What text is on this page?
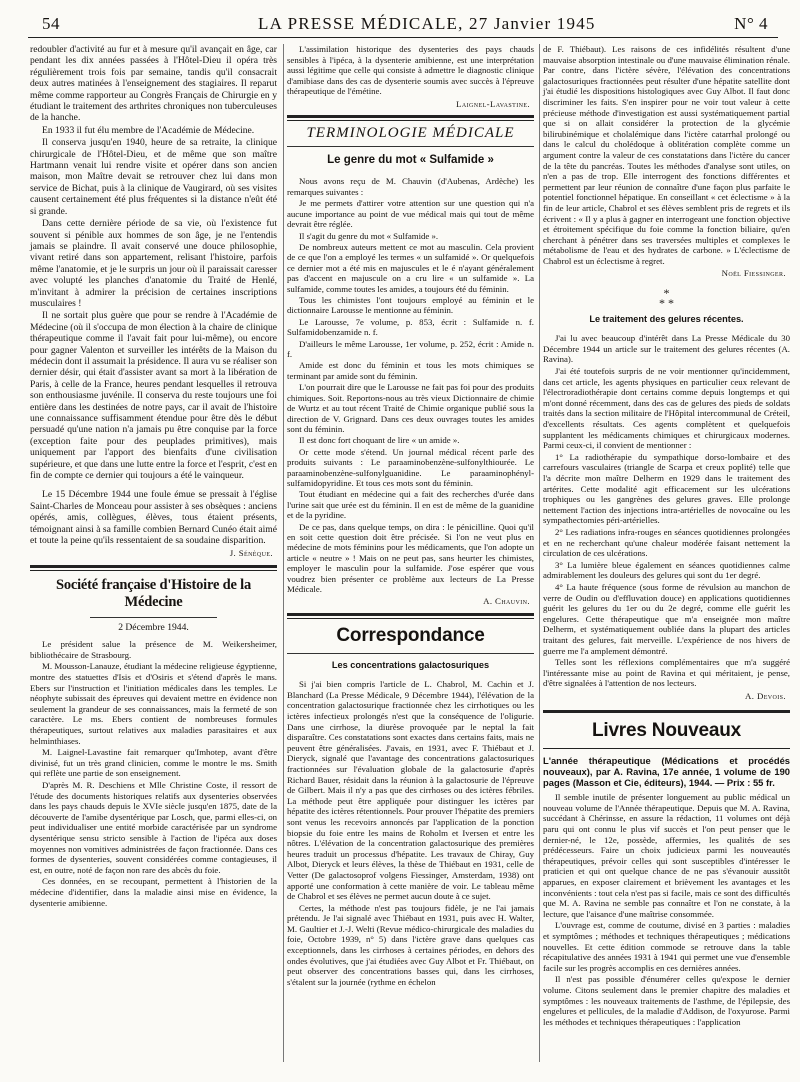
54	LA PRESSE MÉDICALE, 27 Janvier 1945	N° 4

redoubler d'activité au fur et à mesure qu'il avançait en âge, car pendant les dix années passées à l'Hôtel-Dieu il opéra très régulièrement trois fois par semaine, tandis qu'il consacrait deux autres matinées à l'enseignement des stagiaires. Il reparut même comme rapporteur au Congrès Français de Chirurgie en y étudiant le traitement des arthrites chroniques non tuberculeuses de la hanche.

En 1933 il fut élu membre de l'Académie de Médecine.

Il conserva jusqu'en 1940, heure de sa retraite, la clinique chirurgicale de l'Hôtel-Dieu, et de même que son maître Hartmann venait lui rendre visite et opérer dans son ancien maison, mon Maître devait se retrouver chez lui dans mon service de Bichat, puis à la clinique de Vaugirard, où ses visites causent certainement été plus fréquentes si la distance n'eût été si grande.

Dans cette dernière période de sa vie, où l'existence fut souvent si pénible aux hommes de son âge, je ne l'entendis jamais se plaindre. Il avait conservé une douce philosophie, vivant retiré dans son appartement, relisant l'histoire, parfois même l'anatomie, et je le surpris un jour où il paraissait caresser avec volupté les planches d'anatomie du Traité de Henlé, m'invitant à admirer la précision de certaines inscriptions musculaires !

Il ne sortait plus guère que pour se rendre à l'Académie de Médecine (où il s'occupa de mon élection à la chaire de clinique thérapeutique comme il l'avait fait pour lui-même), ou encore pour gagner Valenton et surveiller les intérêts de la Maison du médecin dont il assumait la présidence. Il aura vu se réaliser son dernier désir, qui était d'assister avant sa mort à la libération de Paris, à celle de la France, heures pendant lesquelles il retrouva son enthousiasme juvénile. Il conserva du reste toujours une foi entière dans les destinées de notre pays, car il avait de l'histoire une connaissance suffisamment étendue pour être dès le début persuadé qu'une nation n'a jamais pu être conquise par la force (exception faite pour des peuplades primitives), mais uniquement par l'apport des bienfaits d'une civilisation supérieure, et que dans une lutte entre la force et l'esprit, c'est en fin de compte ce dernier qui toujours a été le vainqueur.

Le 15 Décembre 1944 une foule émue se pressait à l'église Saint-Charles de Monceau pour assister à ses obsèques : anciens opérés, amis, collègues, élèves, tous étaient présents, témoignant ainsi à sa famille combien Bernard Cunéo était aimé et toute la peine qu'ils ressentaient de sa soudaine disparition.

J. Sénèque.
Société française d'Histoire de la Médecine
2 Décembre 1944.

Le président salue la présence de M. Weikersheimer, bibliothécaire de Strasbourg.

M. Mousson-Lanauze, étudiant la médecine religieuse égyptienne, montre des statuettes d'Isis et d'Osiris et s'étend d'après le mans. Ebers sur l'instruction et l'initiation médicales dans les temples. Le néophyte subissait des épreuves qui devaient mettre en évidence non seulement la grandeur de ses connaissances, mais la fermeté de son caractère. Le ms. Ebers contient de nombreuses formules thérapeutiques, surtout relatives aux maladies parasitaires et aux helminthiases.

M. Laignel-Lavastine fait remarquer qu'Imhotep, avant d'être divinisé, fut un très grand clinicien, comme le montre le ms. Smith qui reflète une partie de son enseignement.

D'après M. R. Deschiens et Mlle Christine Coste, il ressort de l'étude des documents historiques relatifs aux dysenteries observées dans les pays chauds depuis le XVIe siècle jusqu'en 1875, date de la découverte de l'amibe dysentérique par Losch, que, parmi elles-ci, on peut individualiser une entité morbide caractérisée par un syndrome dysentérique sensu stricto sensible à l'action de l'ipéca aux doses moyennes non vomitives administrées de façon fractionnée. Dans ces formes de dysenteries, souvent considérées comme contagieuses, il est, en outre, noté de façon non rare des abcès du foie.

Ces données, en se recoupant, permettent à l'historien de la médecine d'identifier, dans la maladie ainsi mise en évidence, la dysenterie amibienne.

L'assimilation historique des dysenteries des pays chauds sensibles à l'ipéca, à la dysenterie amibienne, est une interprétation aussi légitime que celle qui consiste à admettre le diagnostic clinique d'amibiase dans des cas de dysenterie soumis avec succès à l'épreuve thérapeutique de l'émétine.

Laignel-Lavastine.
TERMINOLOGIE MÉDICALE
Le genre du mot « Sulfamide »

Nous avons reçu de M. Chauvin (d'Aubenas, Ardèche) les remarques suivantes :

Je me permets d'attirer votre attention sur une question qui n'a aucune importance au point de vue médical mais qui tout de même devrait être réglée.

Il s'agit du genre du mot « Sulfamide ».

De nombreux auteurs mettent ce mot au masculin. Cela provient de ce que l'on a employé les termes « un sulfamidé ». Or quelquefois ce dernier mot a été mis en majuscules et le é n'ayant généralement pas d'accent en majuscule on a cru lire « un sulfamide ». La sulfamide, comme toutes les amides, a toujours été du féminin.

Tous les chimistes l'ont toujours employé au féminin et le dictionnaire Larousse le mentionne au féminin.

Le Larousse, 7e volume, p. 853, écrit : Sulfamide n. f. Sulfamidobenzamide n. f.

D'ailleurs le même Larousse, 1er volume, p. 252, écrit : Amide n. f.

Amide est donc du féminin et tous les mots chimiques se terminant par amide sont du féminin.

L'on pourrait dire que le Larousse ne fait pas foi pour des produits chimiques. Soit. Reportons-nous au très vieux Dictionnaire de chimie de Wurtz et au tout récent Traité de Chimie organique publié sous la direction de V. Grignard. Dans ces deux ouvrages toutes les amides sont du féminin.

Il est donc fort choquant de lire « un amide ».

Or cette mode s'étend. Un journal médical récent parle des produits suivants : Le paraaminobenzène-sulfonylthiourée. Le paraaminobenzène-sulfonylguanidine. Le paraaminophényl-sulfamidopyridine. Et tous ces mots sont du féminin.

Tout étudiant en médecine qui a fait des recherches d'urée dans l'urine sait que urée est du féminin. Il en est de même de la guanidine et de la pyridine.

De ce pas, dans quelque temps, on dira : le pénicilline. Quoi qu'il en soit cette question doit être précisée. Si l'on ne veut plus en médecine de mots féminins pour les médicaments, que l'on adopte un article « neutre » ! Mais on ne peut pas, sans heurter les chimistes, employer le masculin pour la sulfamide. J'ose espérer que vous voudrez bien présenter ce problème aux lecteurs de La Presse Médicale.

A. Chauvin.
Correspondance
Les concentrations galactosuriques

Si j'ai bien compris l'article de L. Chabrol, M. Cachin et J. Blanchard (La Presse Médicale, 9 Décembre 1944), l'élévation de la concentration galactosurique fractionnée chez les cirrhotiques ou les ictères infectieux prolongés n'est que la conséquence de l'oligurie. Dans une cirrhose, la diurèse provoquée par le neptal la fait disparaître. Ces constatations sont exactes dans certains faits, mais ne peuvent être généralisées. J'avais, en 1931, avec F. Thiébaut et J. Dieryck, signalé que l'avantage des concentrations galactosuriques fractionnées sur l'évaluation globale de la galactosurie d'après Richard Bauer, résidait dans la réunion à la galactosurie de l'épreuve de Gilbert. Mais il n'y a pas que des cirrhoses ou des ictères fébriles. La méthode peut être appliquée pour distinguer les ictères par hépatite des ictères rétentionnels. Pour prouver l'hépatite des premiers sont venus les recevoirs annoncés par l'application de la ponction biopsie du foie entre les mains de Roholm et Iversen et entre les nôtres. L'élévation de la concentration galactosurique des premières heures traduit un processus d'hépatite. Les travaux de Chiray, Guy Albot, Dieryck et leurs élèves, la thèse de Thiébaut en 1931, celle de Vetter (De galactosoprof volgens Fiessinger, Amsterdam, 1938) ont apporté une conformation à cette manière de voir. Le tableau même de Chabrol et ses élèves ne permet aucun doute à ce sujet.

Certes, la méthode n'est pas toujours fidèle, je ne l'ai jamais prétendu. Je l'ai signalé avec Thiébaut en 1931, puis avec H. Walter, M. Gaultier et J.-J. Welti (Revue médico-chirurgicale des maladies du foie, Octobre 1939, n° 5) dans l'ictère grave dans quelques cas exceptionnels, dans les cirrhoses à certaines périodes, en dehors des ondes évolutives, que j'ai étudiées avec Guy Albot et Fr. Thiébaut, on peut observer des concentrations basses qui, dans les cirrhoses, s'étalent sur la journée (rythme en échelon

de F. Thiébaut). Les raisons de ces infidélités résultent d'une mauvaise absorption intestinale ou d'une mauvaise élimination rénale. Par contre, dans l'ictère sévère, l'élévation des concentrations galactosuriques fractionnées peut résulter d'une hépatite satellite dont j'ai étudié les dispositions histologiques avec Guy Albot. Il faut donc discriminer les faits. S'en inspirer pour ne voir tout valeur à cette précieuse méthode d'investigation est aussi systématiquement partial que si on allait considérer la protection de la glycémie bilirubinémique et cholalémique dans l'ictère catarrhal prolongé ou dans le calcul du cholédoque à oblitération complète comme un argument contre la valeur de ces constatations dans l'ictère du cancer de la tête du pancréas. Toutes les méthodes d'analyse sont utiles, on n'en a pas de trop. Elle interrogent des fonctions différentes et permettent par leur réunion de connaître d'une façon plus parfaite le potentiel fonctionnel hépatique. En conseillant « cet éclectisme » à la fin de leur article, Chabrol et ses élèves semblent pris de regrets et ils écrivent : « Il y a plus à gagner en interrogeant une fonction objective et étroitement spécifique du foie comme la fonction biliaire, qu'en cherchant à pénétrer dans ses traversées multiples et complexes le métabolisme de l'eau et des hydrates de carbone. » L'éclectisme de Chabrol est un éclectisme à regret.

Noël Fiessinger.
*
* *
Le traitement des gelures récentes.

J'ai lu avec beaucoup d'intérêt dans La Presse Médicale du 30 Décembre 1944 un article sur le traitement des gelures récentes (A. Ravina).

J'ai été toutefois surpris de ne voir mentionner qu'incidemment, dans cet article, les agents physiques en particulier ceux relevant de l'électroradiothérapie dont certains comme depuis longtemps et qui m'ont donné récemment, dans des cas de gelures des pieds de soldats traités dans la section militaire de l'Hôpital intercommunal de Créteil, d'excellents résultats. Ces agents complètent et quelquefois supplantent les médicaments chimiques et chirurgicaux modernes. Parmi ceux-ci, il convient de mentionner :

1° La radiothérapie du sympathique dorso-lombaire et des carrefours vasculaires (triangle de Scarpa et creux poplité) telle que l'a décrite mon maître Delherm en 1929 dans le traitement des artérites. Cette modalité agit efficacement sur les ulcérations trophiques ou les gangrènes des gelures graves. Elle prolonge nettement l'action des injections intra-artérielles de novocaïne ou les sympathectomies péri-artérielles.

2° Les radiations infra-rouges en séances quotidiennes prolongées et en ne recherchant qu'une chaleur modérée faisant nettement la circulation de ces ulcérations.

3° La lumière bleue également en séances quotidiennes calme admirablement les douleurs des gelures qui sont du 1er degré.

4° La haute fréquence (sous forme de révulsion au manchon de verre de Oudin ou d'effluvation douce) en applications quotidiennes guérit les gelures du 1er ou du 2e degré, comme elle guérit les engelures. Cette thérapeutique que m'a enseignée mon maître Delherm, et systématiquement oubliée dans la plupart des articles traitant des gelures, fait merveille. L'expérience de nos hivers de guerre me l'a amplement démontré.

Telles sont les réflexions complémentaires que m'a suggéré l'intéressante mise au point de Ravina et qui méritaient, je pense, d'être signalées à l'attention de nos lecteurs.

A. Devois.
Livres Nouveaux

L'année thérapeutique (Médications et procédés nouveaux), par A. Ravina, 17e année, 1 volume de 190 pages (Masson et Cie, éditeurs), 1944. — Prix : 55 fr.

Il semble inutile de présenter longuement au public médical un nouveau volume de l'Année thérapeutique. Depuis que M. A. Ravina, succédant à Chérinsse, en assure la rédaction, 11 volumes ont déjà paru qui ont connu le plus vif succès et l'on peut penser que le dernier-né, le 12e, possède, affermies, les qualités de ses prédécesseurs. Faire un choix judicieux parmi les nouveautés thérapeutiques, prévoir celles qui sont susceptibles d'intéresser le praticien et qui ont quelque chance de ne pas s'évanouir aussitôt apparues, en exposer clairement et brièvement les avantages et les inconvénients : tout cela n'est pas si facile, mais ce sont des difficultés que M. A. Ravina ne semble pas connaître et l'on ne constate, à la lecture, que l'aisance d'une maîtrise consommée.

L'ouvrage est, comme de coutume, divisé en 3 parties : maladies et symptômes ; méthodes et techniques thérapeutiques ; médications nouvelles. Et cette édition commode se retrouve dans la table récapitulative des années 1931 à 1941 qui permet une vue d'ensemble facile sur les progrès accomplis en ces dernières années.

Il n'est pas possible d'énumérer celles qu'expose le dernier volume. Citons seulement dans le premier chapitre des maladies et symptômes : les nouveaux traitements de l'asthme, de l'épilepsie, des engelures et pellicules, de la maladie d'Addison, de l'oxyurose. Parmi les méthodes et techniques thérapeutiques : l'application
